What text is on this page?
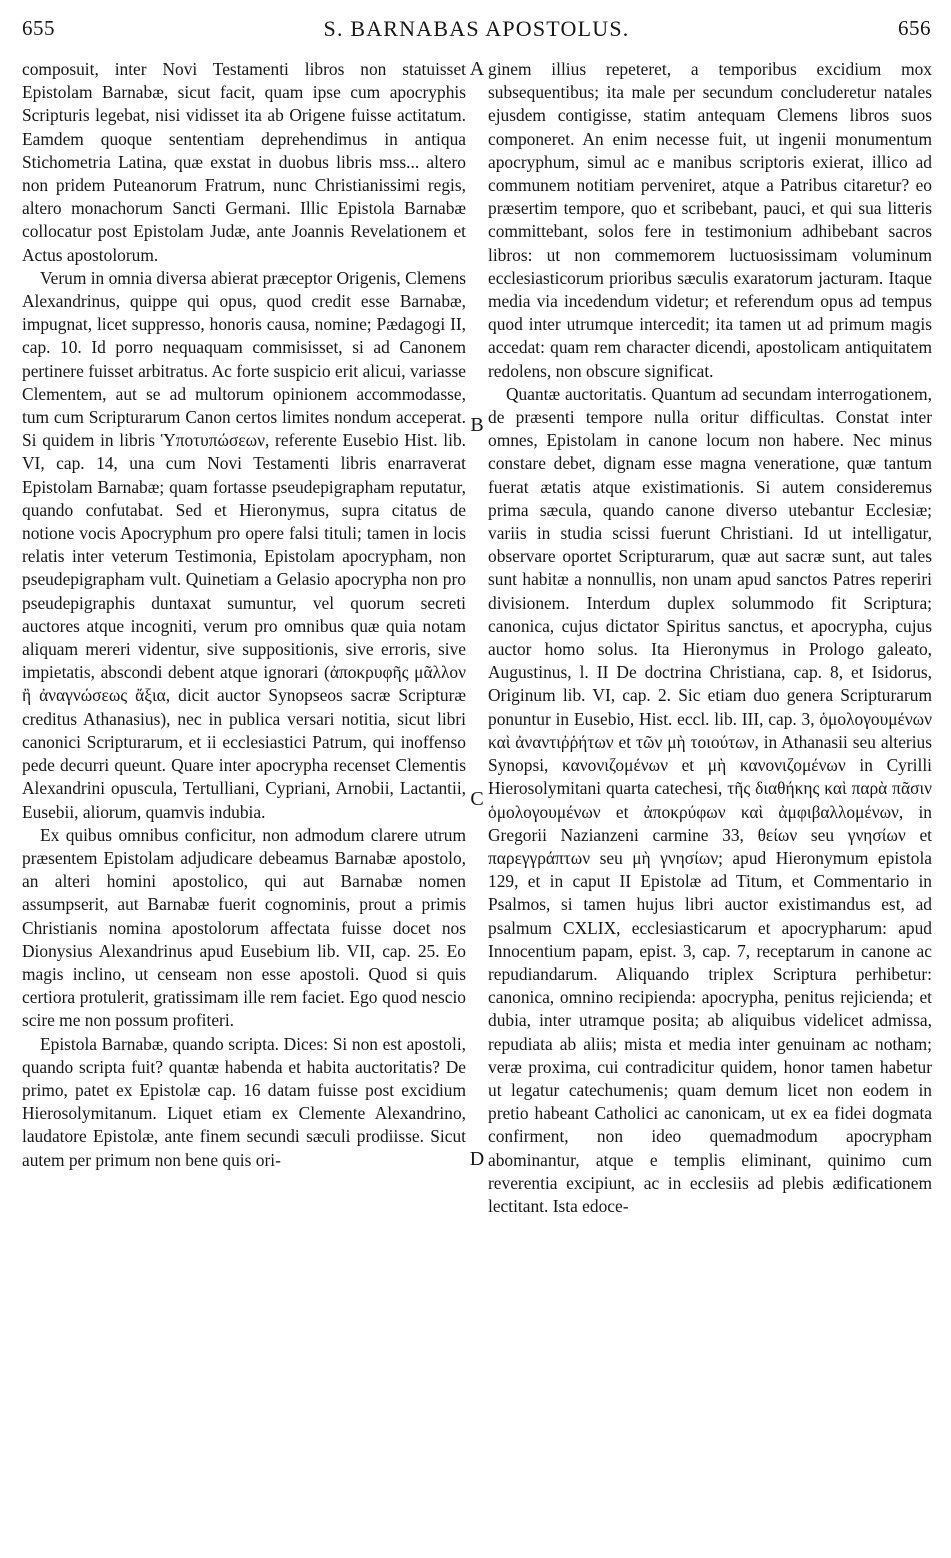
655	S. BARNABAS APOSTOLUS.	656

composuit, inter Novi Testamenti libros non statuisset Epistolam Barnabæ, sicut facit, quam ipse cum apocryphis Scripturis legebat, nisi vidisset ita ab Origene fuisse actitatum. Eamdem quoque sententiam deprehendimus in antiqua Stichometria Latina, quæ exstat in duobus libris mss... altero non pridem Puteanorum Fratrum, nunc Christianissimi regis, altero monachorum Sancti Germani. Illic Epistola Barnabæ collocatur post Epistolam Judæ, ante Joannis Revelationem et Actus apostolorum.

Verum in omnia diversa abierat præceptor Origenis, Clemens Alexandrinus, quippe qui opus, quod credit esse Barnabæ, impugnat, licet suppresso, honoris causa, nomine; Pædagogi II, cap. 10. Id porro nequaquam commisisset, si ad Canonem pertinere fuisset arbitratus. Ac forte suspicio erit alicui, variasse Clementem, aut se ad multorum opinionem accommodasse, tum cum Scripturarum Canon certos limites nondum acceperat. Si quidem in libris Ὑποτυπώσεων, referente Eusebio Hist. lib. VI, cap. 14, una cum Novi Testamenti libris enarraverat Epistolam Barnabæ; quam fortasse pseudepigrapham reputatur, quando confutabat. Sed et Hieronymus, supra citatus de notione vocis Apocryphum pro opere falsi tituli; tamen in locis relatis inter veterum Testimonia, Epistolam apocrypham, non pseudepigrapham vult. Quinetiam a Gelasio apocrypha non pro pseudepigraphis duntaxat sumuntur, vel quorum secreti auctores atque incogniti, verum pro omnibus quæ quia notam aliquam mereri videntur, sive suppositionis, sive erroris, sive impietatis, abscondi debent atque ignorari (ἀποκρυφῆς μᾶλλον ἢ ἀναγνώσεως ἄξια, dicit auctor Synopseos sacræ Scripturæ creditus Athanasius), nec in publica versari notitia, sicut libri canonici Scripturarum, et ii ecclesiastici Patrum, qui inoffenso pede decurri queunt. Quare inter apocrypha recenset Clementis Alexandrini opuscula, Tertulliani, Cypriani, Arnobii, Lactantii, Eusebii, aliorum, quamvis indubia.

Ex quibus omnibus conficitur, non admodum clarere utrum præsentem Epistolam adjudicare debeamus Barnabæ apostolo, an alteri homini apostolico, qui aut Barnabæ nomen assumpserit, aut Barnabæ fuerit cognominis, prout a primis Christianis nomina apostolorum affectata fuisse docet nos Dionysius Alexandrinus apud Eusebium lib. VII, cap. 25. Eo magis inclino, ut censeam non esse apostoli. Quod si quis certiora protulerit, gratissimam ille rem faciet. Ego quod nescio scire me non possum profiteri.

Epistola Barnabæ, quando scripta. Dices: Si non est apostoli, quando scripta fuit? quantæ habenda et habita auctoritatis? De primo, patet ex Epistolæ cap. 16 datam fuisse post excidium Hierosolymitanum. Liquet etiam ex Clemente Alexandrino, laudatore Epistolæ, ante finem secundi sæculi prodiisse. Sicut autem per primum non bene quis ori-

A
B
C
D

ginem illius repeteret, a temporibus excidium mox subsequentibus; ita male per secundum concluderetur natales ejusdem contigisse, statim antequam Clemens libros suos componeret. An enim necesse fuit, ut ingenii monumentum apocryphum, simul ac e manibus scriptoris exierat, illico ad communem notitiam perveniret, atque a Patribus citaretur? eo præsertim tempore, quo et scribebant, pauci, et qui sua litteris committebant, solos fere in testimonium adhibebant sacros libros: ut non commemorem luctuosissimam voluminum ecclesiasticorum prioribus sæculis exaratorum jacturam. Itaque media via incedendum videtur; et referendum opus ad tempus quod inter utrumque intercedit; ita tamen ut ad primum magis accedat: quam rem character dicendi, apostolicam antiquitatem redolens, non obscure significat.

Quantæ auctoritatis. Quantum ad secundam interrogationem, de præsenti tempore nulla oritur difficultas. Constat inter omnes, Epistolam in canone locum non habere. Nec minus constare debet, dignam esse magna veneratione, quæ tantum fuerat ætatis atque existimationis. Si autem consideremus prima sæcula, quando canone diverso utebantur Ecclesiæ; variis in studia scissi fuerunt Christiani. Id ut intelligatur, observare oportet Scripturarum, quæ aut sacræ sunt, aut tales sunt habitæ a nonnullis, non unam apud sanctos Patres reperiri divisionem. Interdum duplex solummodo fit Scriptura; canonica, cujus dictator Spiritus sanctus, et apocrypha, cujus auctor homo solus. Ita Hieronymus in Prologo galeato, Augustinus, l. II De doctrina Christiana, cap. 8, et Isidorus, Originum lib. VI, cap. 2. Sic etiam duo genera Scripturarum ponuntur in Eusebio, Hist. eccl. lib. III, cap. 3, ὁμολογουμένων καὶ ἀναντιῤῥήτων et τῶν μὴ τοιούτων, in Athanasii seu alterius Synopsi, κανονιζομένων et μὴ κανονιζομένων in Cyrilli Hierosolymitani quarta catechesi, τῆς διαθήκης καὶ παρὰ πᾶσιν ὁμολογουμένων et ἀποκρύφων καὶ ἀμφιβαλλομένων, in Gregorii Nazianzeni carmine 33, θείων seu γνησίων et παρεγγράπτων seu μὴ γνησίων; apud Hieronymum epistola 129, et in caput II Epistolæ ad Titum, et Commentario in Psalmos, si tamen hujus libri auctor existimandus est, ad psalmum CXLIX, ecclesiasticarum et apocrypharum: apud Innocentium papam, epist. 3, cap. 7, receptarum in canone ac repudiandarum. Aliquando triplex Scriptura perhibetur: canonica, omnino recipienda: apocrypha, penitus rejicienda; et dubia, inter utramque posita; ab aliquibus videlicet admissa, repudiata ab aliis; mista et media inter genuinam ac notham; veræ proxima, cui contradicitur quidem, honor tamen habetur ut legatur catechumenis; quam demum licet non eodem in pretio habeant Catholici ac canonicam, ut ex ea fidei dogmata confirment, non ideo quemadmodum apocrypham abominantur, atque e templis eliminant, quinimo cum reverentia excipiunt, ac in ecclesiis ad plebis ædificationem lectitant. Ista edoce-
